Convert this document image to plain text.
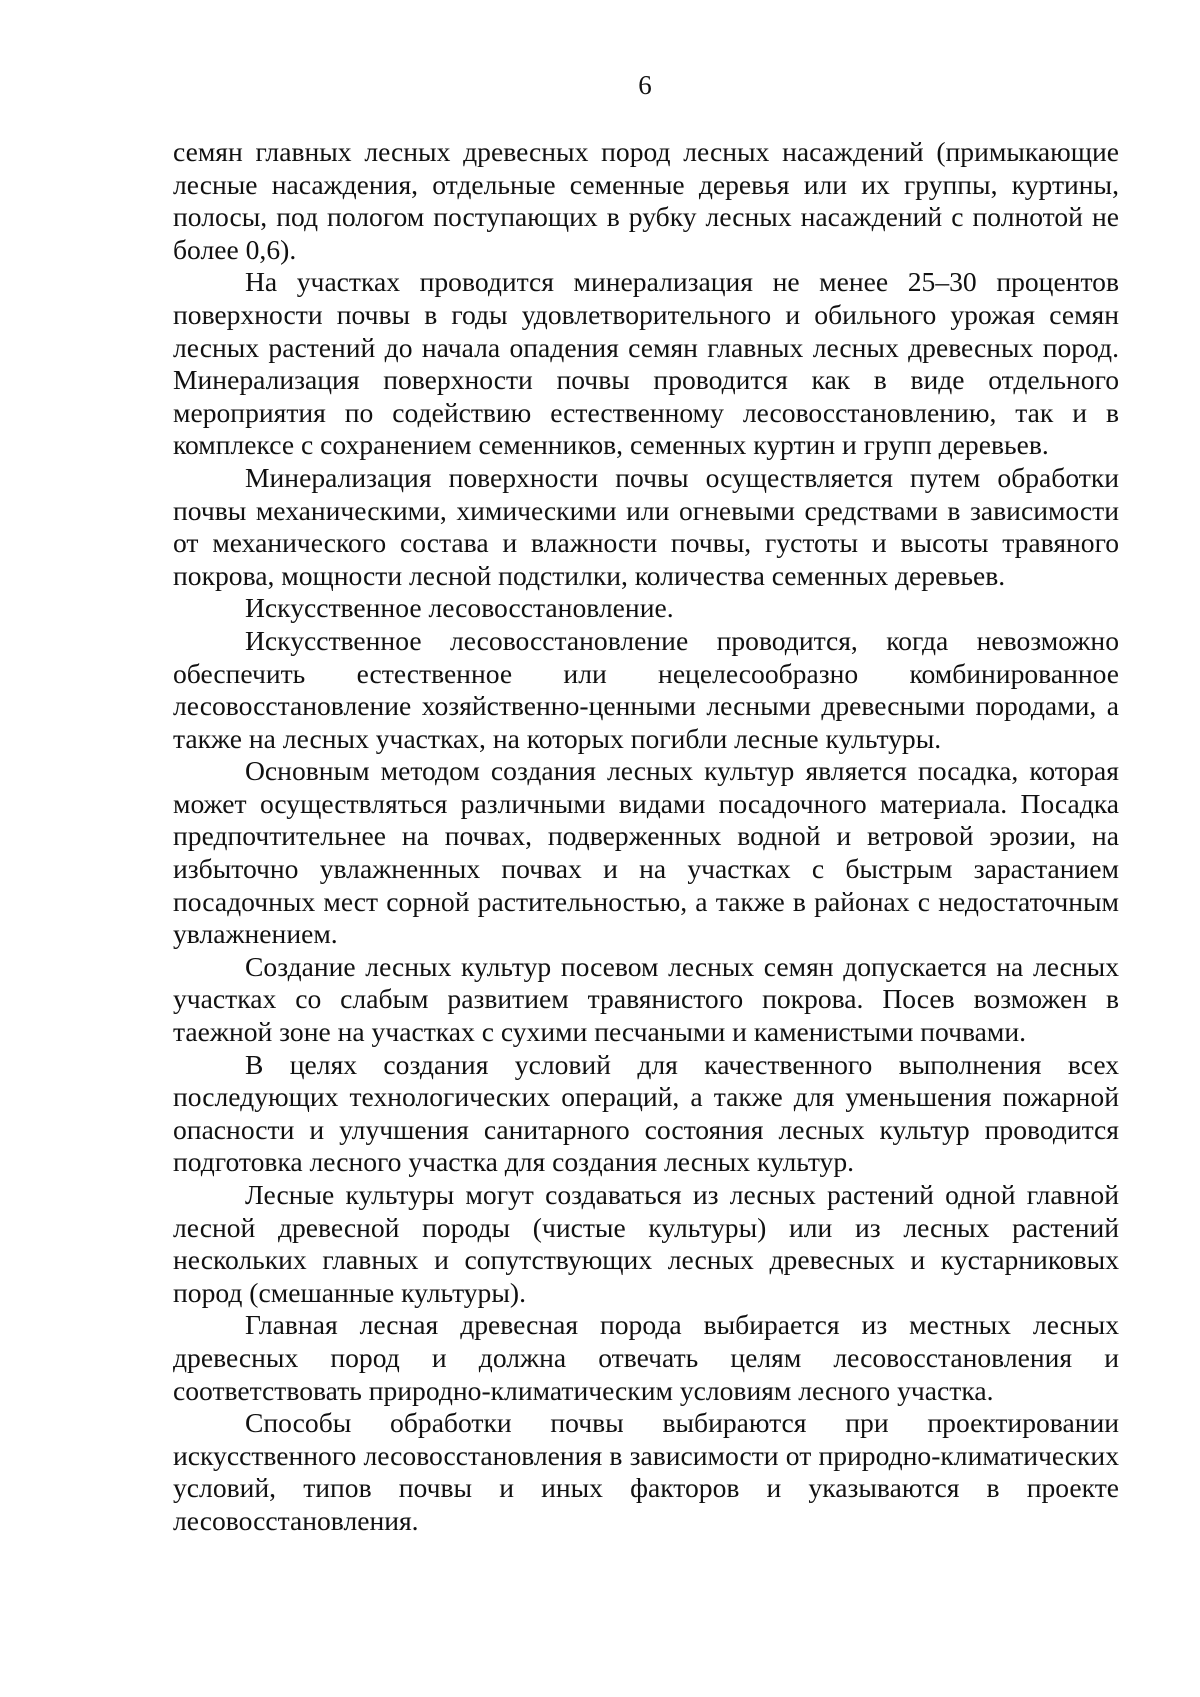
6

семян главных лесных древесных пород лесных насаждений (примыкающие лесные насаждения, отдельные семенные деревья или их группы, куртины, полосы, под пологом поступающих в рубку лесных насаждений с полнотой не более 0,6).

На участках проводится минерализация не менее 25–30 процентов поверхности почвы в годы удовлетворительного и обильного урожая семян лесных растений до начала опадения семян главных лесных древесных пород. Минерализация поверхности почвы проводится как в виде отдельного мероприятия по содействию естественному лесовосстановлению, так и в комплексе с сохранением семенников, семенных куртин и групп деревьев.

Минерализация поверхности почвы осуществляется путем обработки почвы механическими, химическими или огневыми средствами в зависимости от механического состава и влажности почвы, густоты и высоты травяного покрова, мощности лесной подстилки, количества семенных деревьев.

Искусственное лесовосстановление.

Искусственное лесовосстановление проводится, когда невозможно обеспечить естественное или нецелесообразно комбинированное лесовосстановление хозяйственно-ценными лесными древесными породами, а также на лесных участках, на которых погибли лесные культуры.

Основным методом создания лесных культур является посадка, которая может осуществляться различными видами посадочного материала. Посадка предпочтительнее на почвах, подверженных водной и ветровой эрозии, на избыточно увлажненных почвах и на участках с быстрым зарастанием посадочных мест сорной растительностью, а также в районах с недостаточным увлажнением.

Создание лесных культур посевом лесных семян допускается на лесных участках со слабым развитием травянистого покрова. Посев возможен в таежной зоне на участках с сухими песчаными и каменистыми почвами.

В целях создания условий для качественного выполнения всех последующих технологических операций, а также для уменьшения пожарной опасности и улучшения санитарного состояния лесных культур проводится подготовка лесного участка для создания лесных культур.

Лесные культуры могут создаваться из лесных растений одной главной лесной древесной породы (чистые культуры) или из лесных растений нескольких главных и сопутствующих лесных древесных и кустарниковых пород (смешанные культуры).

Главная лесная древесная порода выбирается из местных лесных древесных пород и должна отвечать целям лесовосстановления и соответствовать природно-климатическим условиям лесного участка.

Способы обработки почвы выбираются при проектировании искусственного лесовосстановления в зависимости от природно-климатических условий, типов почвы и иных факторов и указываются в проекте лесовосстановления.
